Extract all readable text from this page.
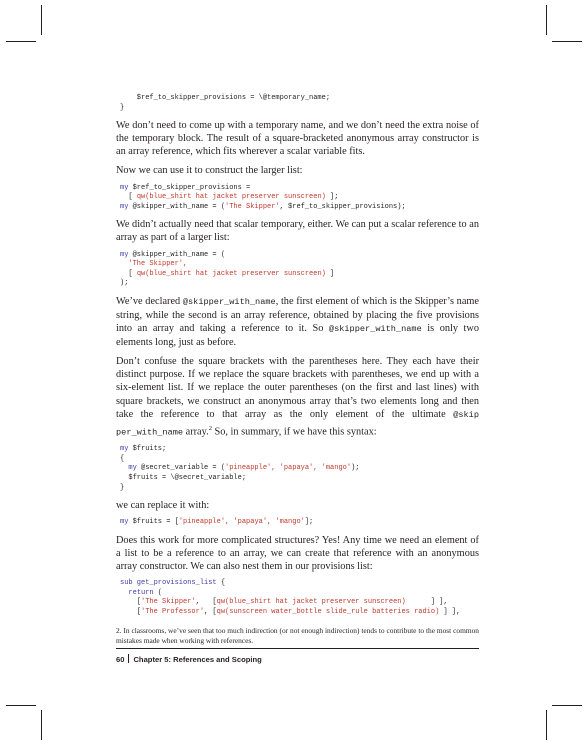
$ref_to_skipper_provisions = \@temporary_name;
}

We don’t need to come up with a temporary name, and we don’t need the extra noise of the temporary block. The result of a square-bracketed anonymous array constructor is an array reference, which fits wherever a scalar variable fits.

Now we can use it to construct the larger list:

my $ref_to_skipper_provisions =
[ qw(blue_shirt hat jacket preserver sunscreen) ];
my @skipper_with_name = ('The Skipper', $ref_to_skipper_provisions);

We didn’t actually need that scalar temporary, either. We can put a scalar reference to an array as part of a larger list:

my @skipper_with_name = (
'The Skipper',
[ qw(blue_shirt hat jacket preserver sunscreen) ]
);

We’ve declared @skipper_with_name, the first element of which is the Skipper’s name string, while the second is an array reference, obtained by placing the five provisions into an array and taking a reference to it. So @skipper_with_name is only two elements long, just as before.

Don’t confuse the square brackets with the parentheses here. They each have their distinct purpose. If we replace the square brackets with parentheses, we end up with a six-element list. If we replace the outer parentheses (on the first and last lines) with square brackets, we construct an anonymous array that’s two elements long and then take the reference to that array as the only element of the ultimate @skip per_with_name array.$^2$ So, in summary, if we have this syntax:

my $fruits;
{
my @secret_variable = ('pineapple', 'papaya', 'mango');
$fruits = \@secret_variable;
}

we can replace it with:

my $fruits = ['pineapple', 'papaya', 'mango'];

Does this work for more complicated structures? Yes! Any time we need an element of a list to be a reference to an array, we can create that reference with an anonymous array constructor. We can also nest them in our provisions list:

sub get_provisions_list {
return (
['The Skipper',   [qw(blue_shirt hat jacket preserver sunscreen)      ] ],
['The Professor', [qw(sunscreen water_bottle slide_rule batteries radio) ] ],
2. In classrooms, we’ve seen that too much indirection (or not enough indirection) tends to contribute to the most common mistakes made when working with references.
60 Chapter 5: References and Scoping
